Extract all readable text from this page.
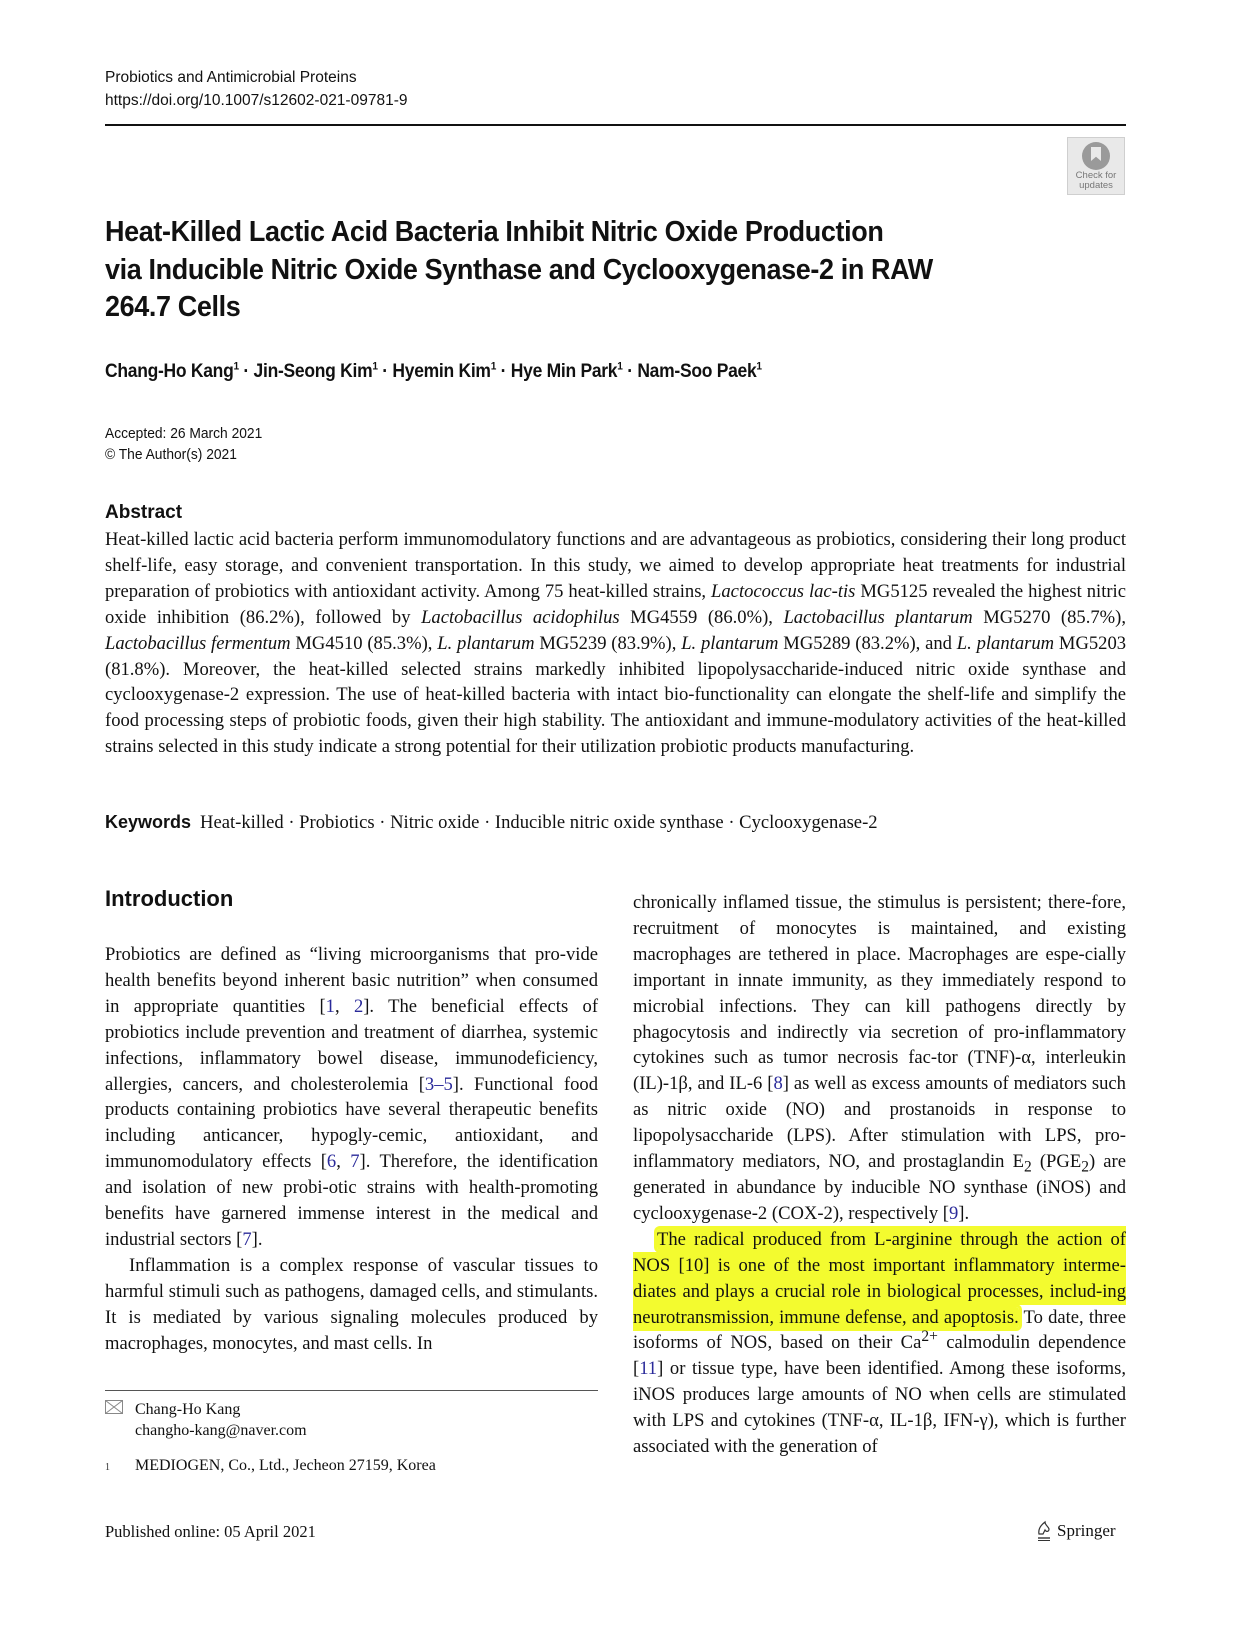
Probiotics and Antimicrobial Proteins
https://doi.org/10.1007/s12602-021-09781-9
Check for
updates
Heat-Killed Lactic Acid Bacteria Inhibit Nitric Oxide Production
via Inducible Nitric Oxide Synthase and Cyclooxygenase-2 in RAW
264.7 Cells
Chang-Ho Kang$^1$ · Jin-Seong Kim$^1$ · Hyemin Kim$^1$ · Hye Min Park$^1$ · Nam-Soo Paek$^1$
Accepted: 26 March 2021
© The Author(s) 2021
Abstract
Heat-killed lactic acid bacteria perform immunomodulatory functions and are advantageous as probiotics, considering their long product shelf-life, easy storage, and convenient transportation. In this study, we aimed to develop appropriate heat treatments for industrial preparation of probiotics with antioxidant activity. Among 75 heat-killed strains, Lactococcus lac-tis MG5125 revealed the highest nitric oxide inhibition (86.2%), followed by Lactobacillus acidophilus MG4559 (86.0%), Lactobacillus plantarum MG5270 (85.7%), Lactobacillus fermentum MG4510 (85.3%), L. plantarum MG5239 (83.9%), L. plantarum MG5289 (83.2%), and L. plantarum MG5203 (81.8%). Moreover, the heat-killed selected strains markedly inhibited lipopolysaccharide-induced nitric oxide synthase and cyclooxygenase-2 expression. The use of heat-killed bacteria with intact bio-functionality can elongate the shelf-life and simplify the food processing steps of probiotic foods, given their high stability. The antioxidant and immune-modulatory activities of the heat-killed strains selected in this study indicate a strong potential for their utilization probiotic products manufacturing.
Keywords Heat-killed · Probiotics · Nitric oxide · Inducible nitric oxide synthase · Cyclooxygenase-2
Introduction

Probiotics are defined as “living microorganisms that pro-vide health benefits beyond inherent basic nutrition” when consumed in appropriate quantities [1, 2]. The beneficial effects of probiotics include prevention and treatment of diarrhea, systemic infections, inflammatory bowel disease, immunodeficiency, allergies, cancers, and cholesterolemia [3–5]. Functional food products containing probiotics have several therapeutic benefits including anticancer, hypogly-cemic, antioxidant, and immunomodulatory effects [6, 7]. Therefore, the identification and isolation of new probi-otic strains with health-promoting benefits have garnered immense interest in the medical and industrial sectors [7].

Inflammation is a complex response of vascular tissues to harmful stimuli such as pathogens, damaged cells, and stimulants. It is mediated by various signaling molecules produced by macrophages, monocytes, and mast cells. In

chronically inflamed tissue, the stimulus is persistent; there-fore, recruitment of monocytes is maintained, and existing macrophages are tethered in place. Macrophages are espe-cially important in innate immunity, as they immediately respond to microbial infections. They can kill pathogens directly by phagocytosis and indirectly via secretion of pro-inflammatory cytokines such as tumor necrosis fac-tor (TNF)-α, interleukin (IL)-1β, and IL-6 [8] as well as excess amounts of mediators such as nitric oxide (NO) and prostanoids in response to lipopolysaccharide (LPS). After stimulation with LPS, pro-inflammatory mediators, NO, and prostaglandin $E_2$ $(PGE_2)$ are generated in abundance by inducible NO synthase (iNOS) and cyclooxygenase-2 (COX-2), respectively [9].

The radical produced from L-arginine through the action of NOS [10] is one of the most important inflammatory interme-diates and plays a crucial role in biological processes, includ-ing neurotransmission, immune defense, and apoptosis. To date, three isoforms of NOS, based on their $Ca^{2+}$ calmodulin dependence [11] or tissue type, have been identified. Among these isoforms, iNOS produces large amounts of NO when cells are stimulated with LPS and cytokines (TNF-α, IL-1β, IFN-γ), which is further associated with the generation of

Chang-Ho Kang
changho-kang@naver.com
1	MEDIOGEN, Co., Ltd., Jecheon 27159, Korea
Published online: 05 April 2021	Springer
